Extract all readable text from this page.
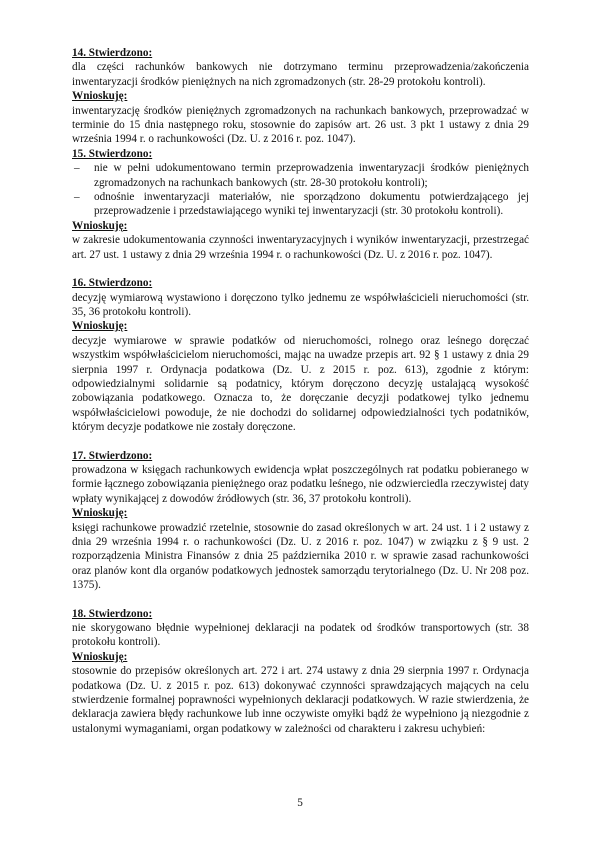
14. Stwierdzono:

dla części rachunków bankowych nie dotrzymano terminu przeprowadzenia/zakończenia inwentaryzacji środków pieniężnych na nich zgromadzonych (str. 28-29 protokołu kontroli).

Wnioskuję:

inwentaryzację środków pieniężnych zgromadzonych na rachunkach bankowych, przeprowadzać w terminie do 15 dnia następnego roku, stosownie do zapisów art. 26 ust. 3 pkt 1 ustawy z dnia 29 września 1994 r. o rachunkowości (Dz. U. z 2016 r. poz. 1047).

15. Stwierdzono:

– nie w pełni udokumentowano termin przeprowadzenia inwentaryzacji środków pieniężnych zgromadzonych na rachunkach bankowych (str. 28-30 protokołu kontroli);
– odnośnie inwentaryzacji materiałów, nie sporządzono dokumentu potwierdzającego jej przeprowadzenie i przedstawiającego wyniki tej inwentaryzacji (str. 30 protokołu kontroli).

Wnioskuję:

w zakresie udokumentowania czynności inwentaryzacyjnych i wyników inwentaryzacji, przestrzegać art. 27 ust. 1 ustawy z dnia 29 września 1994 r. o rachunkowości (Dz. U. z 2016 r. poz. 1047).

16. Stwierdzono:

decyzję wymiarową wystawiono i doręczono tylko jednemu ze współwłaścicieli nieruchomości (str. 35, 36 protokołu kontroli).

Wnioskuję:

decyzje wymiarowe w sprawie podatków od nieruchomości, rolnego oraz leśnego doręczać wszystkim współwłaścicielom nieruchomości, mając na uwadze przepis art. 92 § 1 ustawy z dnia 29 sierpnia 1997 r. Ordynacja podatkowa (Dz. U. z 2015 r. poz. 613), zgodnie z którym: odpowiedzialnymi solidarnie są podatnicy, którym doręczono decyzję ustalającą wysokość zobowiązania podatkowego. Oznacza to, że doręczanie decyzji podatkowej tylko jednemu współwłaścicielowi powoduje, że nie dochodzi do solidarnej odpowiedzialności tych podatników, którym decyzje podatkowe nie zostały doręczone.

17. Stwierdzono:

prowadzona w księgach rachunkowych ewidencja wpłat poszczególnych rat podatku pobieranego w formie łącznego zobowiązania pieniężnego oraz podatku leśnego, nie odzwierciedla rzeczywistej daty wpłaty wynikającej z dowodów źródłowych (str. 36, 37 protokołu kontroli).

Wnioskuję:

księgi rachunkowe prowadzić rzetelnie, stosownie do zasad określonych w art. 24 ust. 1 i 2 ustawy z dnia 29 września 1994 r. o rachunkowości (Dz. U. z 2016 r. poz. 1047) w związku z § 9 ust. 2 rozporządzenia Ministra Finansów z dnia 25 października 2010 r. w sprawie zasad rachunkowości oraz planów kont dla organów podatkowych jednostek samorządu terytorialnego (Dz. U. Nr 208 poz. 1375).

18. Stwierdzono:

nie skorygowano błędnie wypełnionej deklaracji na podatek od środków transportowych (str. 38 protokołu kontroli).

Wnioskuję:

stosownie do przepisów określonych art. 272 i art. 274 ustawy z dnia 29 sierpnia 1997 r. Ordynacja podatkowa (Dz. U. z 2015 r. poz. 613) dokonywać czynności sprawdzających mających na celu stwierdzenie formalnej poprawności wypełnionych deklaracji podatkowych. W razie stwierdzenia, że deklaracja zawiera błędy rachunkowe lub inne oczywiste omyłki bądź że wypełniono ją niezgodnie z ustalonymi wymaganiami, organ podatkowy w zależności od charakteru i zakresu uchybień:

5
